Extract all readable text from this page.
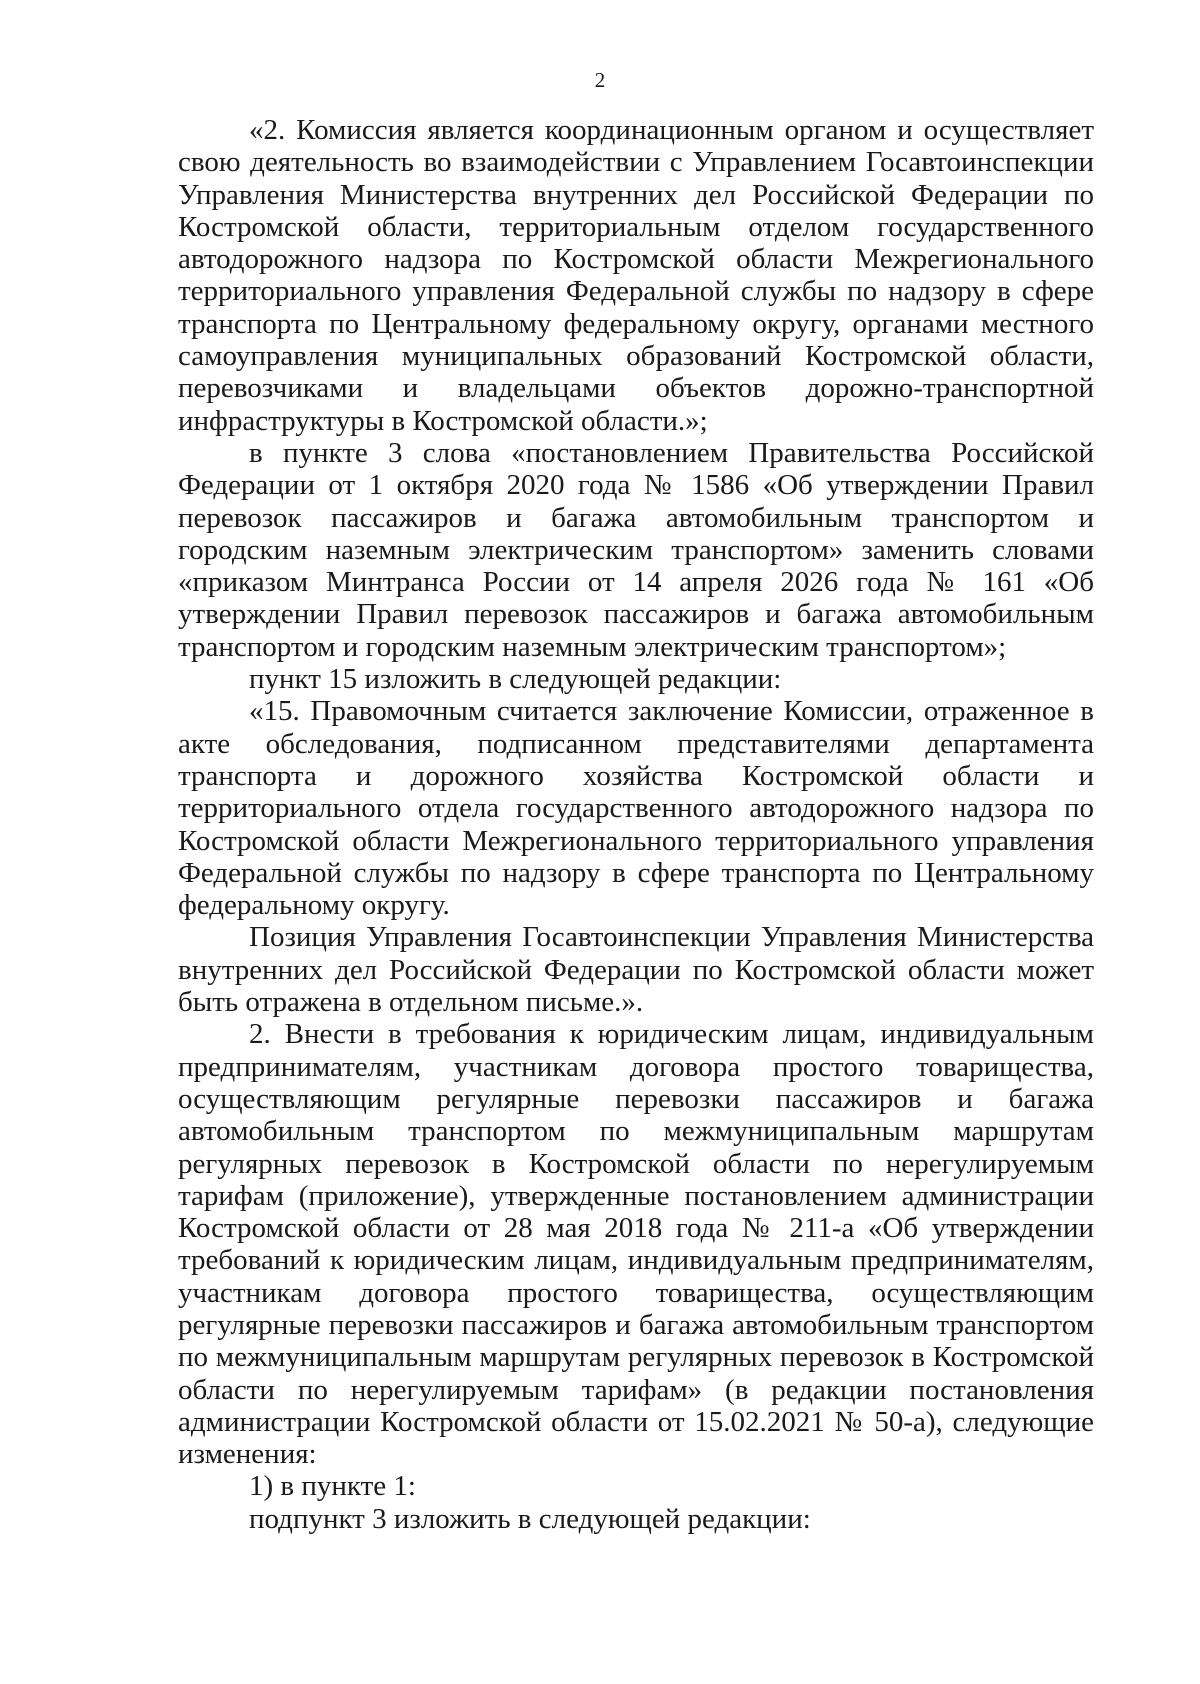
2

«2. Комиссия является координационным органом и осуществляет свою деятельность во взаимодействии с Управлением Госавтоинспекции Управления Министерства внутренних дел Российской Федерации по Костромской области, территориальным отделом государственного автодорожного надзора по Костромской области Межрегионального территориального управления Федеральной службы по надзору в сфере транспорта по Центральному федеральному округу, органами местного самоуправления муниципальных образований Костромской области, перевозчиками и владельцами объектов дорожно-транспортной инфраструктуры в Костромской области.»;

в пункте 3 слова «постановлением Правительства Российской Федерации от 1 октября 2020 года № 1586 «Об утверждении Правил перевозок пассажиров и багажа автомобильным транспортом и городским наземным электрическим транспортом» заменить словами «приказом Минтранса России от 14 апреля 2026 года № 161 «Об утверждении Правил перевозок пассажиров и багажа автомобильным транспортом и городским наземным электрическим транспортом»;

пункт 15 изложить в следующей редакции:

«15. Правомочным считается заключение Комиссии, отраженное в акте обследования, подписанном представителями департамента транспорта и дорожного хозяйства Костромской области и территориального отдела государственного автодорожного надзора по Костромской области Межрегионального территориального управления Федеральной службы по надзору в сфере транспорта по Центральному федеральному округу.

Позиция Управления Госавтоинспекции Управления Министерства внутренних дел Российской Федерации по Костромской области может быть отражена в отдельном письме.».

2. Внести в требования к юридическим лицам, индивидуальным предпринимателям, участникам договора простого товарищества, осуществляющим регулярные перевозки пассажиров и багажа автомобильным транспортом по межмуниципальным маршрутам регулярных перевозок в Костромской области по нерегулируемым тарифам (приложение), утвержденные постановлением администрации Костромской области от 28 мая 2018 года № 211-а «Об утверждении требований к юридическим лицам, индивидуальным предпринимателям, участникам договора простого товарищества, осуществляющим регулярные перевозки пассажиров и багажа автомобильным транспортом по межмуниципальным маршрутам регулярных перевозок в Костромской области по нерегулируемым тарифам» (в редакции постановления администрации Костромской области от 15.02.2021 № 50-а), следующие изменения:

1) в пункте 1:

подпункт 3 изложить в следующей редакции:
